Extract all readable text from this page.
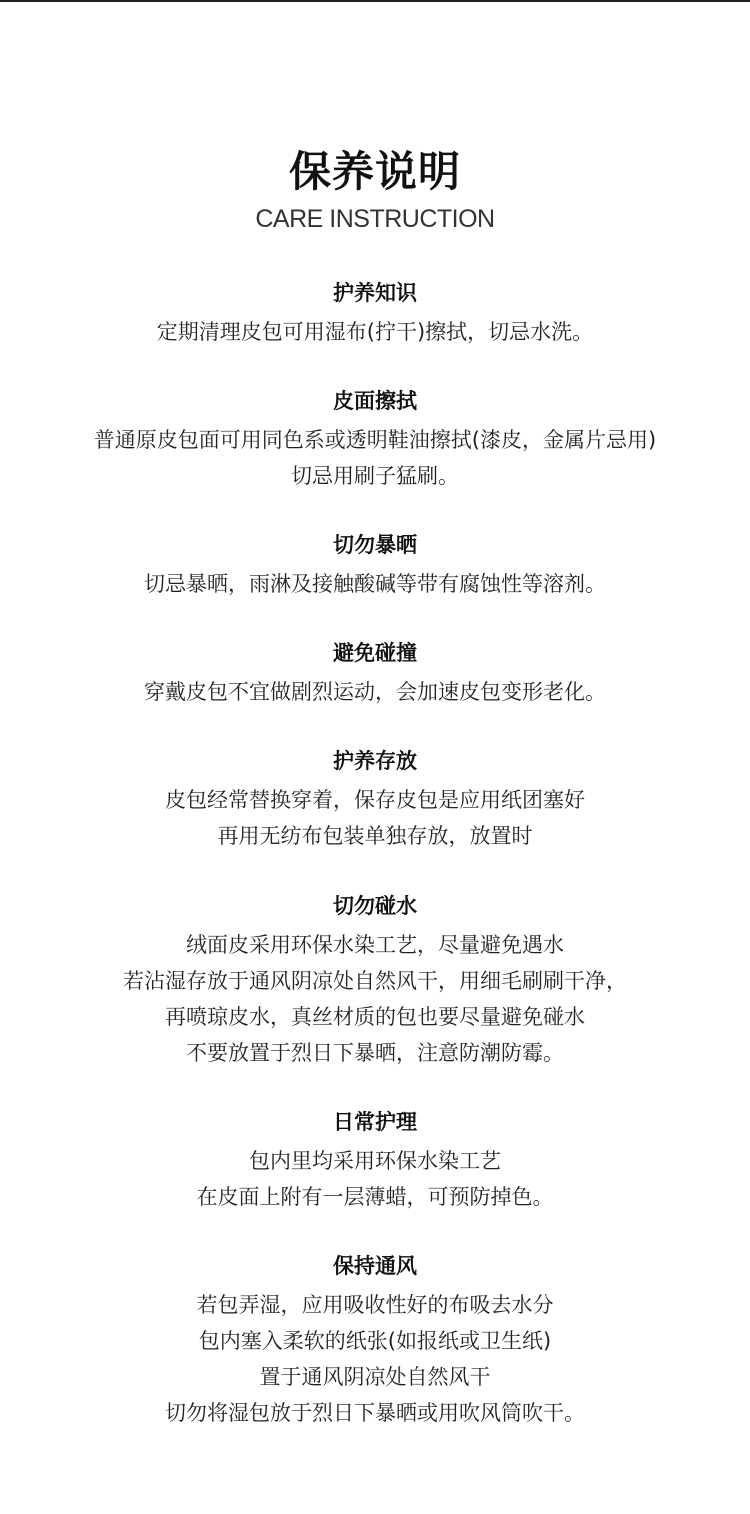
保养说明
CARE INSTRUCTION
护养知识
定期清理皮包可用湿布(拧干)擦拭，切忌水洗。
皮面擦拭
普通原皮包面可用同色系或透明鞋油擦拭(漆皮，金属片忌用)
切忌用刷子猛刷。
切勿暴晒
切忌暴晒，雨淋及接触酸碱等带有腐蚀性等溶剂。
避免碰撞
穿戴皮包不宜做剧烈运动，会加速皮包变形老化。
护养存放
皮包经常替换穿着，保存皮包是应用纸团塞好
再用无纺布包装单独存放，放置时
切勿碰水
绒面皮采用环保水染工艺，尽量避免遇水
若沾湿存放于通风阴凉处自然风干，用细毛刷刷干净，
再喷琼皮水，真丝材质的包也要尽量避免碰水
不要放置于烈日下暴晒，注意防潮防霉。
日常护理
包内里均采用环保水染工艺
在皮面上附有一层薄蜡，可预防掉色。
保持通风
若包弄湿，应用吸收性好的布吸去水分
包内塞入柔软的纸张(如报纸或卫生纸)
置于通风阴凉处自然风干
切勿将湿包放于烈日下暴晒或用吹风筒吹干。
